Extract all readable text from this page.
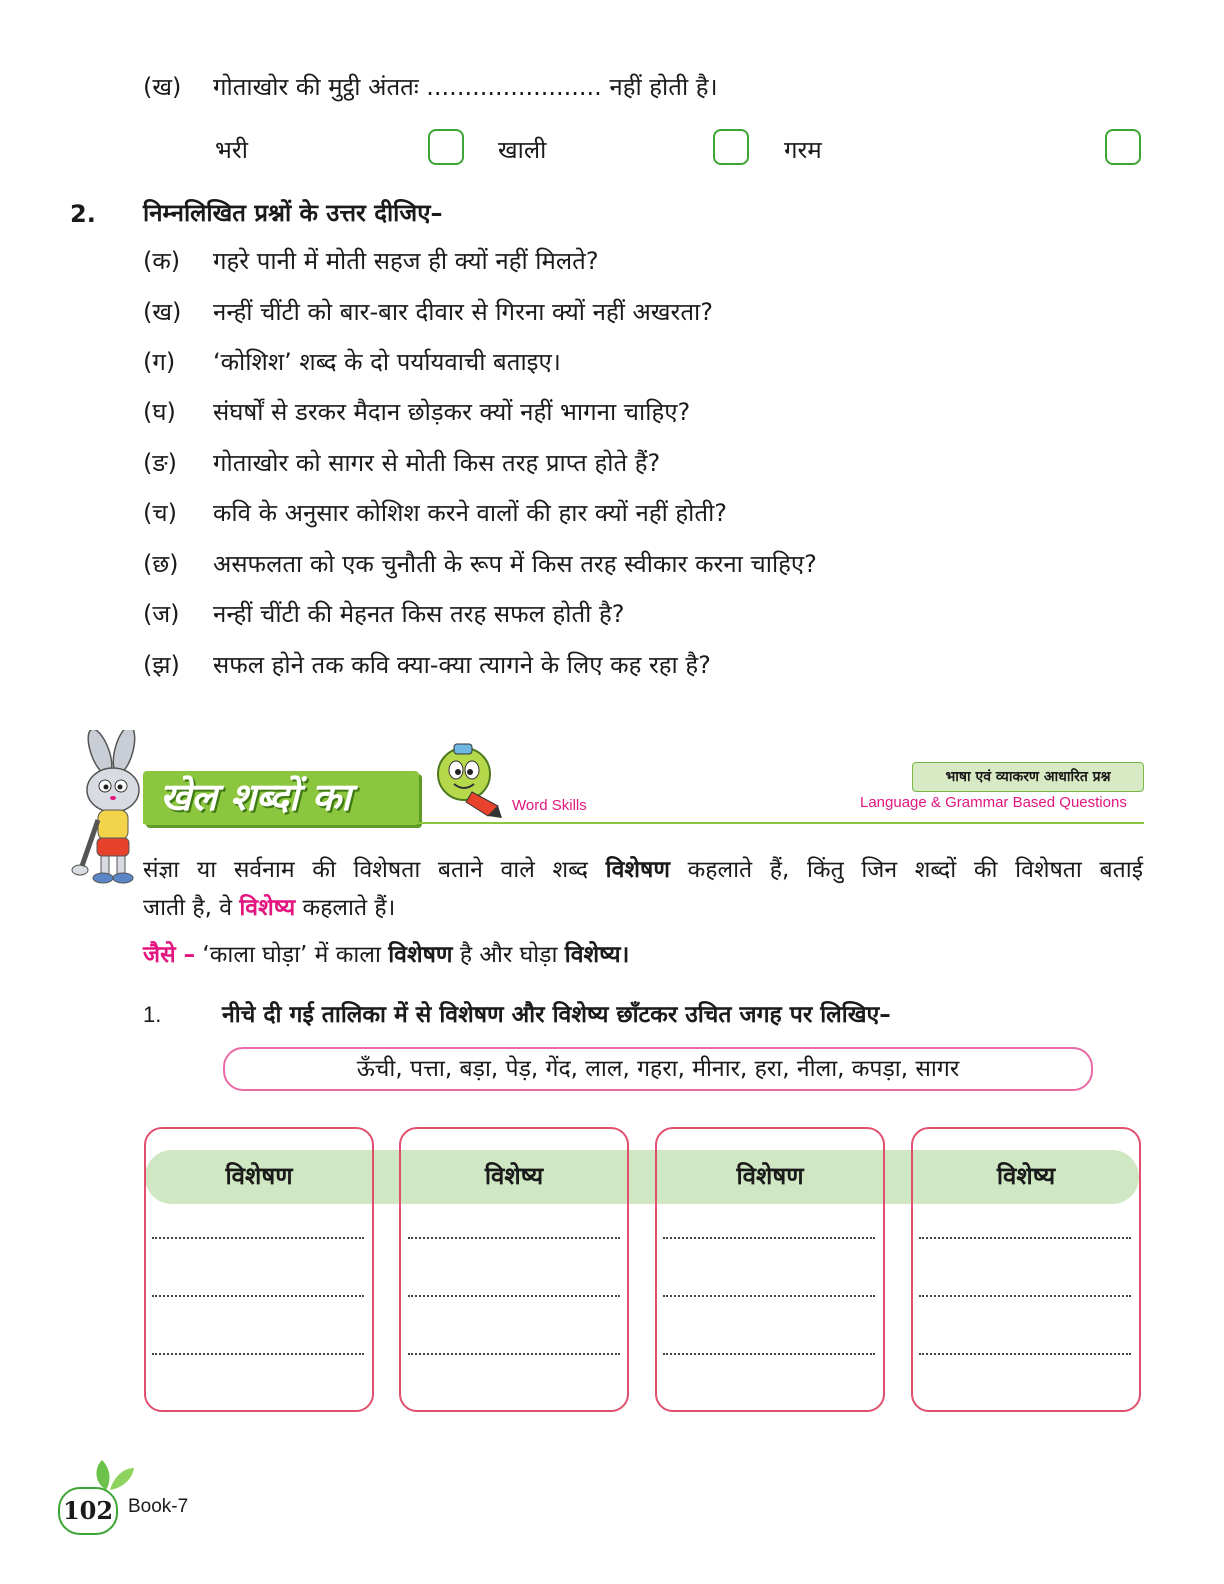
(ख) गोताखोर की मुट्ठी अंततः ....................... नहीं होती है।
भरी	खाली	गरम
2. निम्नलिखित प्रश्नों के उत्तर दीजिए–
(क) गहरे पानी में मोती सहज ही क्यों नहीं मिलते?
(ख) नन्हीं चींटी को बार-बार दीवार से गिरना क्यों नहीं अखरता?
(ग) ‘कोशिश’ शब्द के दो पर्यायवाची बताइए।
(घ) संघर्षों से डरकर मैदान छोड़कर क्यों नहीं भागना चाहिए?
(ङ) गोताखोर को सागर से मोती किस तरह प्राप्त होते हैं?
(च) कवि के अनुसार कोशिश करने वालों की हार क्यों नहीं होती?
(छ) असफलता को एक चुनौती के रूप में किस तरह स्वीकार करना चाहिए?
(ज) नन्हीं चींटी की मेहनत किस तरह सफल होती है?
(झ) सफल होने तक कवि क्या-क्या त्यागने के लिए कह रहा है?
खेल शब्दों का	Word Skills
भाषा एवं व्याकरण आधारित प्रश्न
Language & Grammar Based Questions
संज्ञा या सर्वनाम की विशेषता बताने वाले शब्द विशेषण कहलाते हैं, किंतु जिन शब्दों की विशेषता बताई
जाती है, वे विशेष्य कहलाते हैं।
जैसे – ‘काला घोड़ा’ में काला विशेषण है और घोड़ा विशेष्य।
1.	नीचे दी गई तालिका में से विशेषण और विशेष्य छाँटकर उचित जगह पर लिखिए–
ऊँची, पत्ता, बड़ा, पेड़, गेंद, लाल, गहरा, मीनार, हरा, नीला, कपड़ा, सागर
विशेषण	विशेष्य	विशेषण	विशेष्य
102 Book-7
